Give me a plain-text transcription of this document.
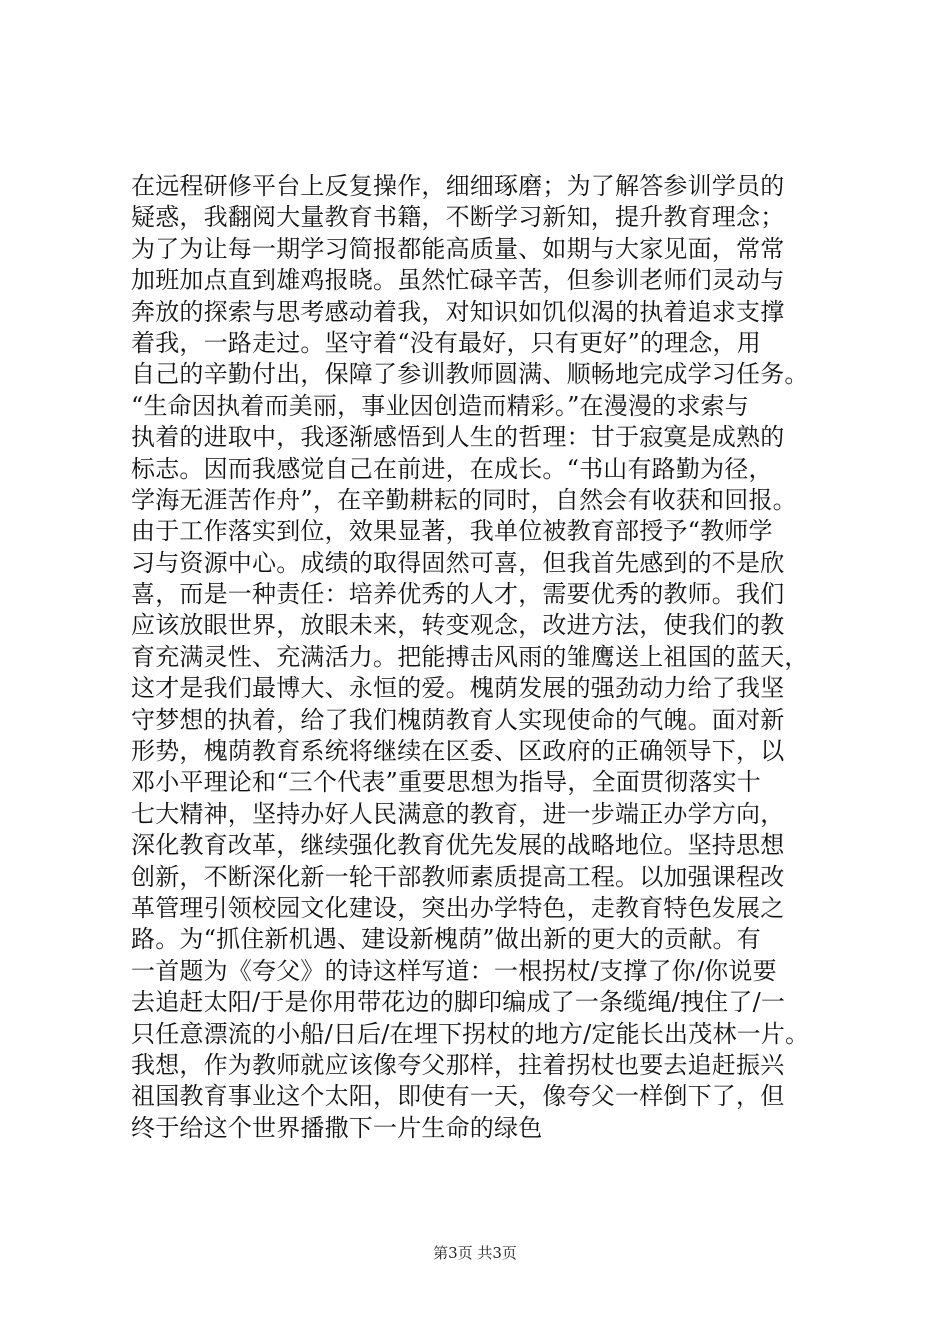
在远程研修平台上反复操作，细细琢磨；为了解答参训学员的
疑惑，我翻阅大量教育书籍，不断学习新知，提升教育理念；
为了为让每一期学习简报都能高质量、如期与大家见面，常常
加班加点直到雄鸡报晓。虽然忙碌辛苦，但参训老师们灵动与
奔放的探索与思考感动着我，对知识如饥似渴的执着追求支撑
着我，一路走过。坚守着“没有最好，只有更好”的理念，用
自己的辛勤付出，保障了参训教师圆满、顺畅地完成学习任务。
“生命因执着而美丽，事业因创造而精彩。”在漫漫的求索与
执着的进取中，我逐渐感悟到人生的哲理：甘于寂寞是成熟的
标志。因而我感觉自己在前进，在成长。“书山有路勤为径，
学海无涯苦作舟”，在辛勤耕耘的同时，自然会有收获和回报。
由于工作落实到位，效果显著，我单位被教育部授予“教师学
习与资源中心。成绩的取得固然可喜，但我首先感到的不是欣
喜，而是一种责任：培养优秀的人才，需要优秀的教师。我们
应该放眼世界，放眼未来，转变观念，改进方法，使我们的教
育充满灵性、充满活力。把能搏击风雨的雏鹰送上祖国的蓝天，
这才是我们最博大、永恒的爱。槐荫发展的强劲动力给了我坚
守梦想的执着，给了我们槐荫教育人实现使命的气魄。面对新
形势，槐荫教育系统将继续在区委、区政府的正确领导下，以
邓小平理论和“三个代表”重要思想为指导，全面贯彻落实十
七大精神，坚持办好人民满意的教育，进一步端正办学方向，
深化教育改革，继续强化教育优先发展的战略地位。坚持思想
创新，不断深化新一轮干部教师素质提高工程。以加强课程改
革管理引领校园文化建设，突出办学特色，走教育特色发展之
路。为“抓住新机遇、建设新槐荫”做出新的更大的贡献。有
一首题为《夸父》的诗这样写道：一根拐杖/支撑了你/你说要
去追赶太阳/于是你用带花边的脚印编成了一条缆绳/拽住了/一
只任意漂流的小船/日后/在埋下拐杖的地方/定能长出茂林一片。
我想，作为教师就应该像夸父那样，拄着拐杖也要去追赶振兴
祖国教育事业这个太阳，即使有一天，像夸父一样倒下了，但
终于给这个世界播撒下一片生命的绿色
第3页 共3页
